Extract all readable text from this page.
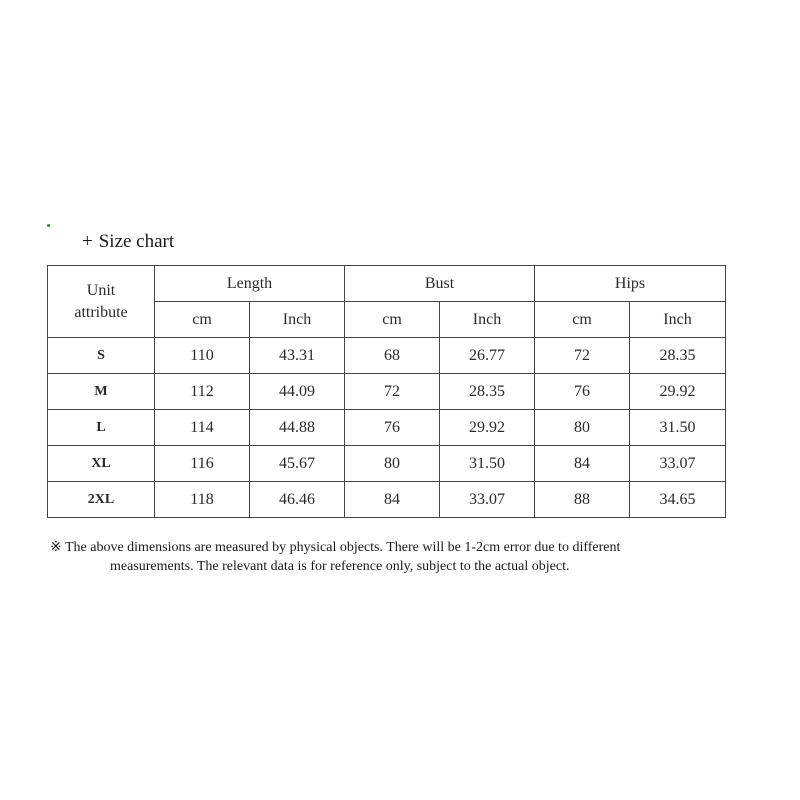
+ Size chart
Unit
attribute	Length		Bust		Hips	
	cm	Inch	cm	Inch	cm	Inch
S	110	43.31	68	26.77	72	28.35
M	112	44.09	72	28.35	76	29.92
L	114	44.88	76	29.92	80	31.50
XL	116	45.67	80	31.50	84	33.07
2XL	118	46.46	84	33.07	88	34.65
※ The above dimensions are measured by physical objects. There will be 1-2cm error due to different
measurements. The relevant data is for reference only, subject to the actual object.
